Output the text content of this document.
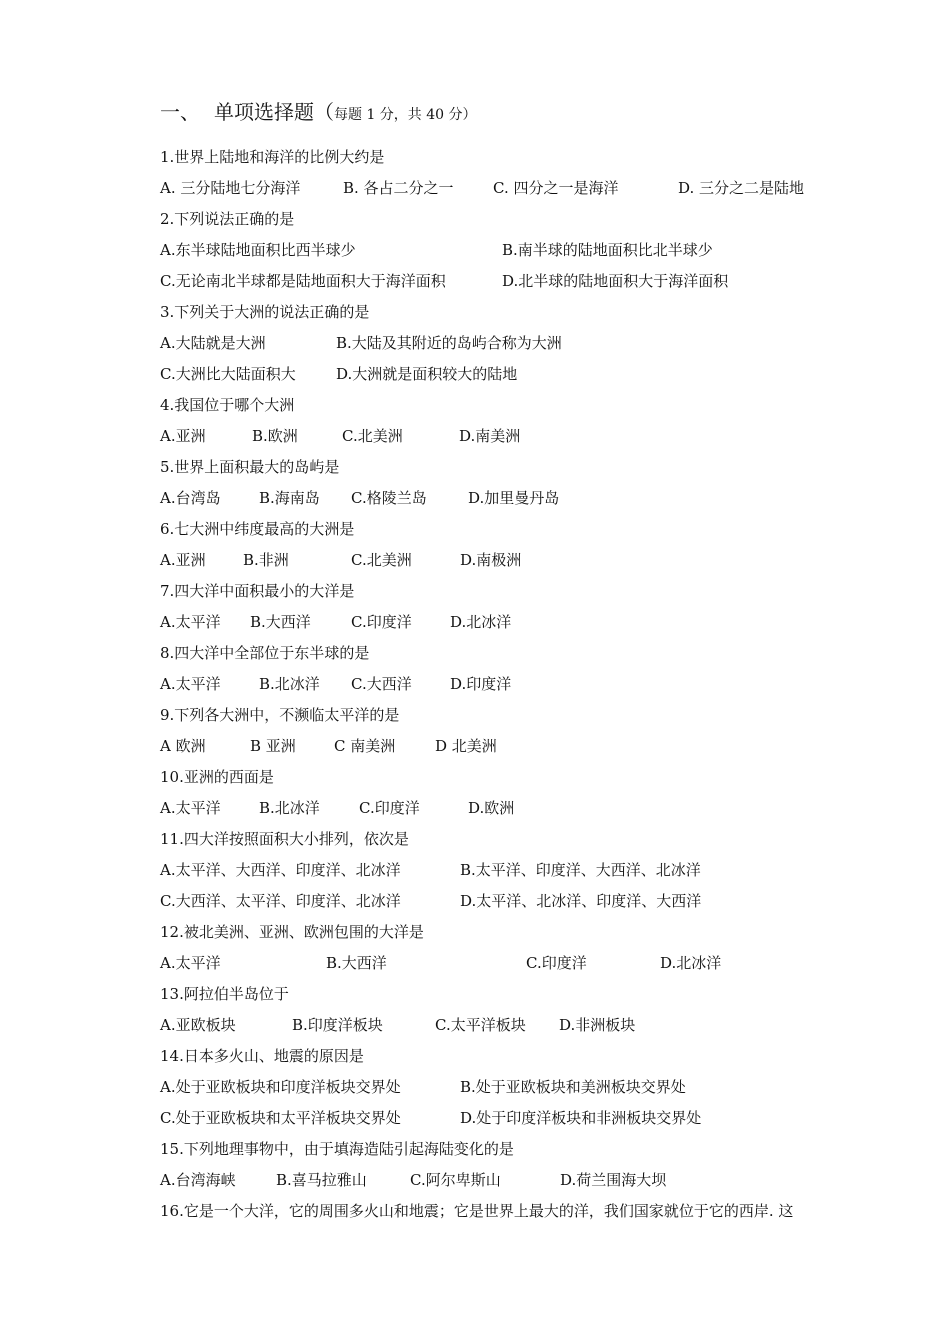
一、 单项选择题（每题 1 分，共 40 分）
1.世界上陆地和海洋的比例大约是
A. 三分陆地七分海洋	B. 各占二分之一	C. 四分之一是海洋	D. 三分之二是陆地
2.下列说法正确的是
A.东半球陆地面积比西半球少	B.南半球的陆地面积比北半球少
C.无论南北半球都是陆地面积大于海洋面积	D.北半球的陆地面积大于海洋面积
3.下列关于大洲的说法正确的是
A.大陆就是大洲	B.大陆及其附近的岛屿合称为大洲
C.大洲比大陆面积大	D.大洲就是面积较大的陆地
4.我国位于哪个大洲
A.亚洲	B.欧洲	C.北美洲	D.南美洲
5.世界上面积最大的岛屿是
A.台湾岛	B.海南岛 C.格陵兰岛	D.加里曼丹岛
6.七大洲中纬度最高的大洲是
A.亚洲 B.非洲	C.北美洲	D.南极洲
7.四大洋中面积最小的大洋是
A.太平洋 B.大西洋	C.印度洋	D.北冰洋
8.四大洋中全部位于东半球的是
A.太平洋	B.北冰洋 C.大西洋	D.印度洋
9.下列各大洲中，不濒临太平洋的是
A 欧洲	B 亚洲	C 南美洲	D 北美洲
10.亚洲的西面是
A.太平洋	B.北冰洋	C.印度洋	D.欧洲
11.四大洋按照面积大小排列，依次是
A.太平洋、大西洋、印度洋、北冰洋	B.太平洋、印度洋、大西洋、北冰洋
C.大西洋、太平洋、印度洋、北冰洋	D.太平洋、北冰洋、印度洋、大西洋
12.被北美洲、亚洲、欧洲包围的大洋是
A.太平洋	B.大西洋	C.印度洋	D.北冰洋
13.阿拉伯半岛位于
A.亚欧板块	B.印度洋板块	C.太平洋板块 D.非洲板块
14.日本多火山、地震的原因是
A.处于亚欧板块和印度洋板块交界处	B.处于亚欧板块和美洲板块交界处
C.处于亚欧板块和太平洋板块交界处	D.处于印度洋板块和非洲板块交界处
15.下列地理事物中，由于填海造陆引起海陆变化的是
A.台湾海峡	B.喜马拉雅山	C.阿尔卑斯山	D.荷兰围海大坝
16.它是一个大洋，它的周围多火山和地震；它是世界上最大的洋，我们国家就位于它的西岸. 这
